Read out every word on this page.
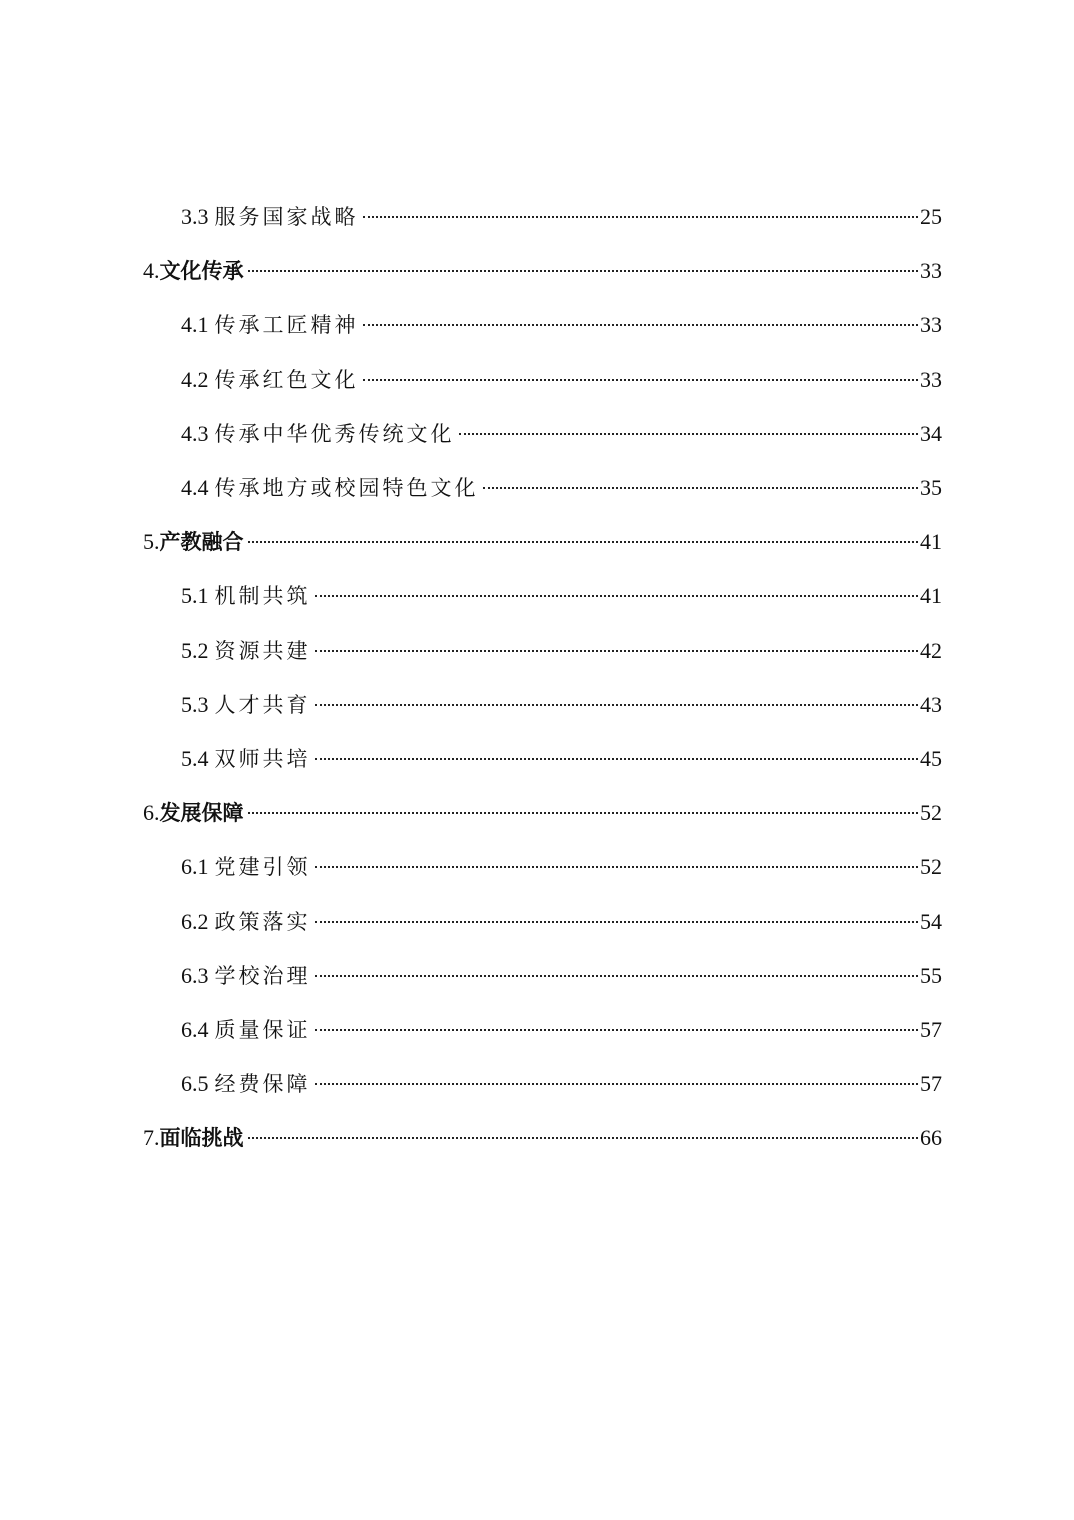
3.3 服务国家战略	25
4. 文化传承	33
4.1 传承工匠精神	33
4.2 传承红色文化	33
4.3 传承中华优秀传统文化	34
4.4 传承地方或校园特色文化	35
5. 产教融合	41
5.1 机制共筑	41
5.2 资源共建	42
5.3 人才共育	43
5.4 双师共培	45
6. 发展保障	52
6.1 党建引领	52
6.2 政策落实	54
6.3 学校治理	55
6.4 质量保证	57
6.5 经费保障	57
7. 面临挑战	66
